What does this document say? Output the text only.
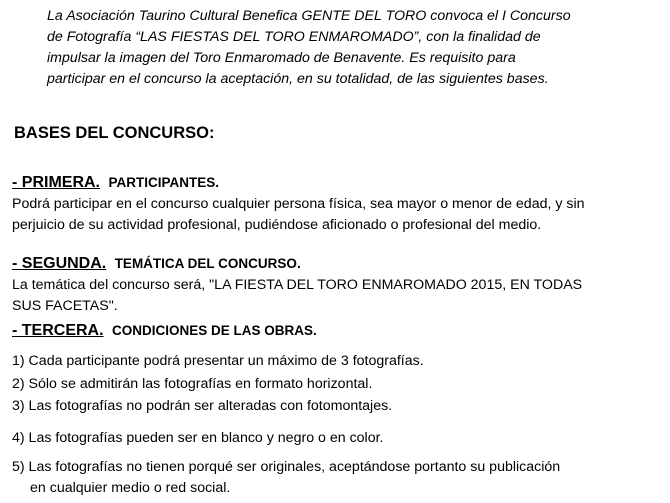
La Asociación Taurino Cultural Benefica GENTE DEL TORO convoca el I Concurso
de Fotografía “LAS FIESTAS DEL TORO ENMAROMADO”, con la finalidad de
impulsar la imagen del Toro Enmaromado de Benavente. Es requisito para
participar en el concurso la aceptación, en su totalidad, de las siguientes bases.
BASES DEL CONCURSO:
- PRIMERA. PARTICIPANTES.
Podrá participar en el concurso cualquier persona física, sea mayor o menor de edad, y sin
perjuicio de su actividad profesional, pudiéndose aficionado o profesional del medio.
- SEGUNDA. TEMÁTICA DEL CONCURSO.
La temática del concurso será, "LA FIESTA DEL TORO ENMAROMADO 2015, EN TODAS
SUS FACETAS".
- TERCERA. CONDICIONES DE LAS OBRAS.
1) Cada participante podrá presentar un máximo de 3 fotografías.
2) Sólo se admitirán las fotografías en formato horizontal.
3) Las fotografías no podrán ser alteradas con fotomontajes.
4) Las fotografías pueden ser en blanco y negro o en color.
5) Las fotografías no tienen porqué ser originales, aceptándose portanto su publicación
en cualquier medio o red social.
